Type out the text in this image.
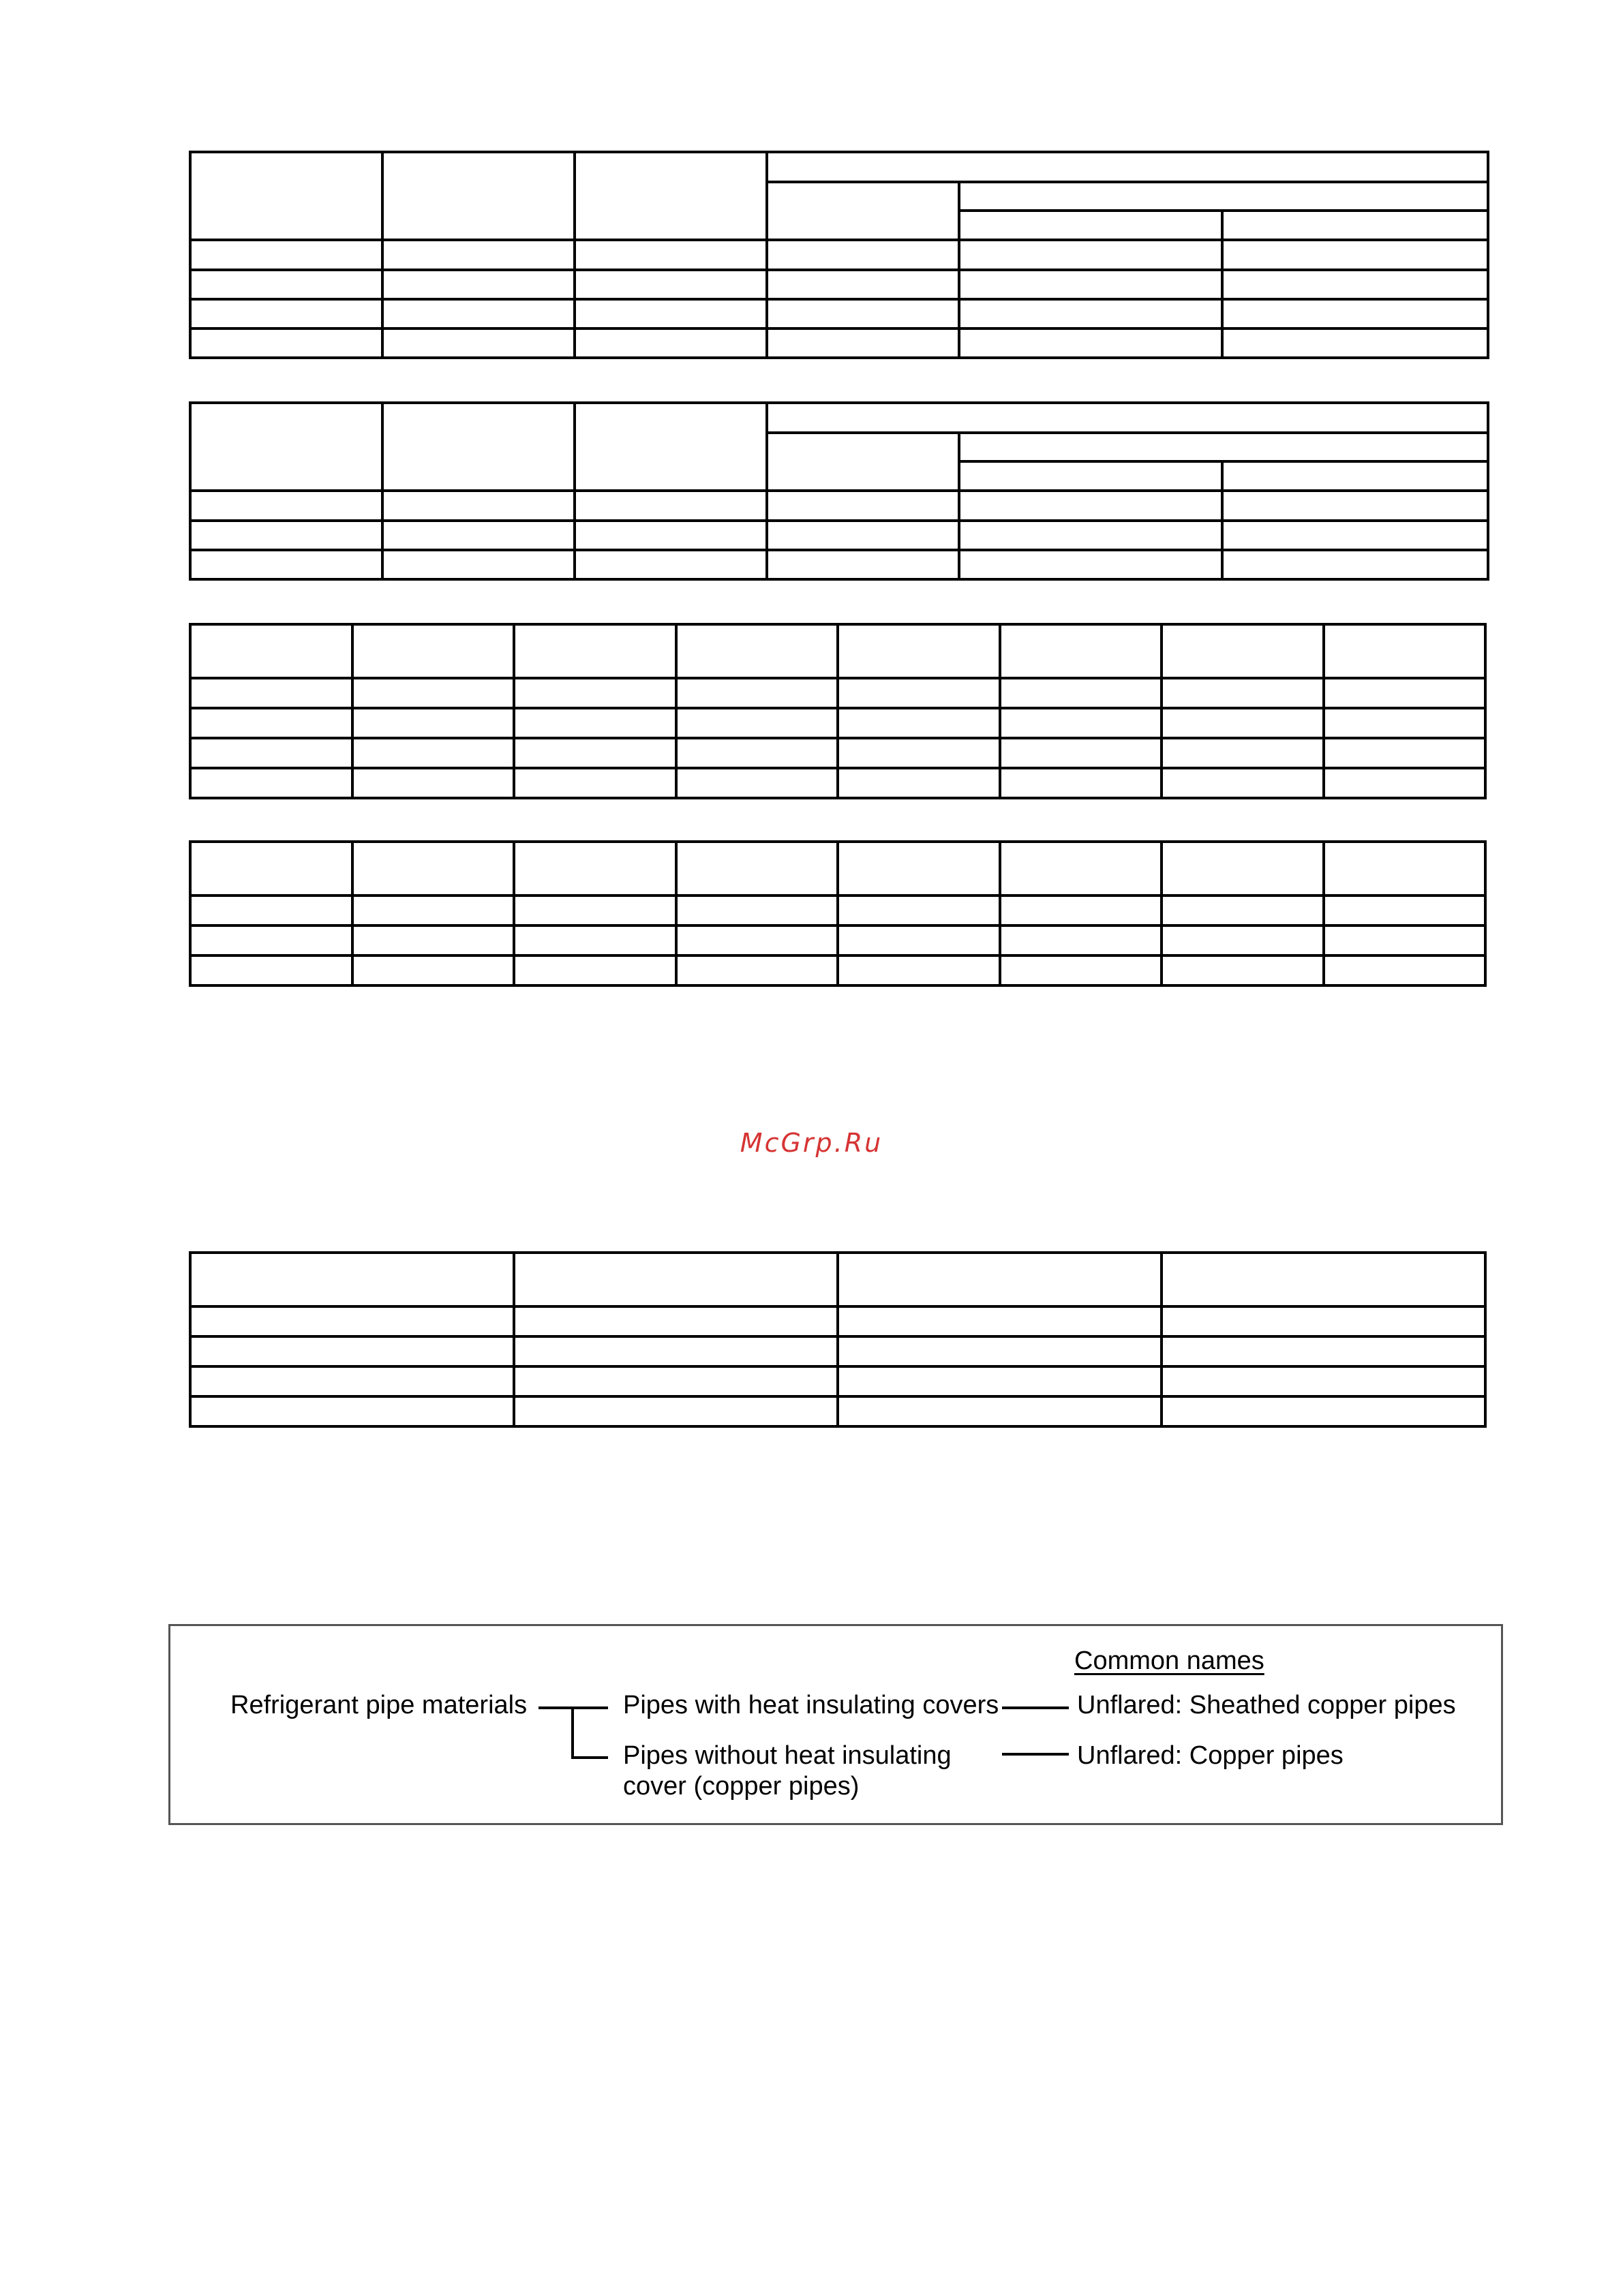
McGrp.Ru

Common names
Refrigerant pipe materials	Pipes with heat insulating covers	Unflared: Sheathed copper pipes
Pipes without heat insulating
cover (copper pipes)
Unflared: Copper pipes
